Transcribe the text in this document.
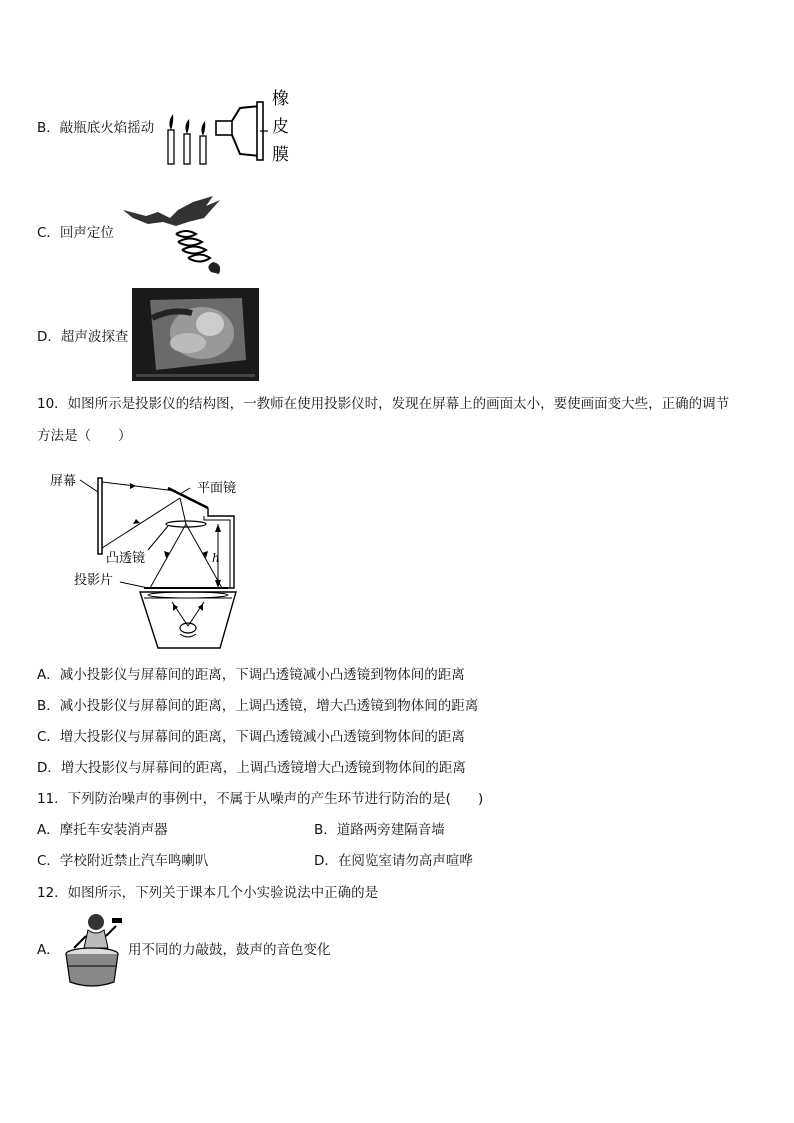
B．敲瓶底火焰摇动
橡
皮
膜
C．回声定位
D．超声波探查
10．如图所示是投影仪的结构图，一教师在使用投影仪时，发现在屏幕上的画面太小，要使画面变大些，正确的调节
方法是（　　）
屏幕	平面镜
凸透镜	h
投影片
A．减小投影仪与屏幕间的距离，下调凸透镜减小凸透镜到物体间的距离
B．减小投影仪与屏幕间的距离，上调凸透镜，增大凸透镜到物体间的距离
C．增大投影仪与屏幕间的距离，下调凸透镜减小凸透镜到物体间的距离
D．增大投影仪与屏幕间的距离，上调凸透镜增大凸透镜到物体间的距离
11．下列防治噪声的事例中，不属于从噪声的产生环节进行防治的是(　　)
A．摩托车安装消声器	B．道路两旁建隔音墙
C．学校附近禁止汽车鸣喇叭	D．在阅览室请勿高声喧哗
12．如图所示，下列关于课本几个小实验说法中正确的是
A．	用不同的力敲鼓，鼓声的音色变化
